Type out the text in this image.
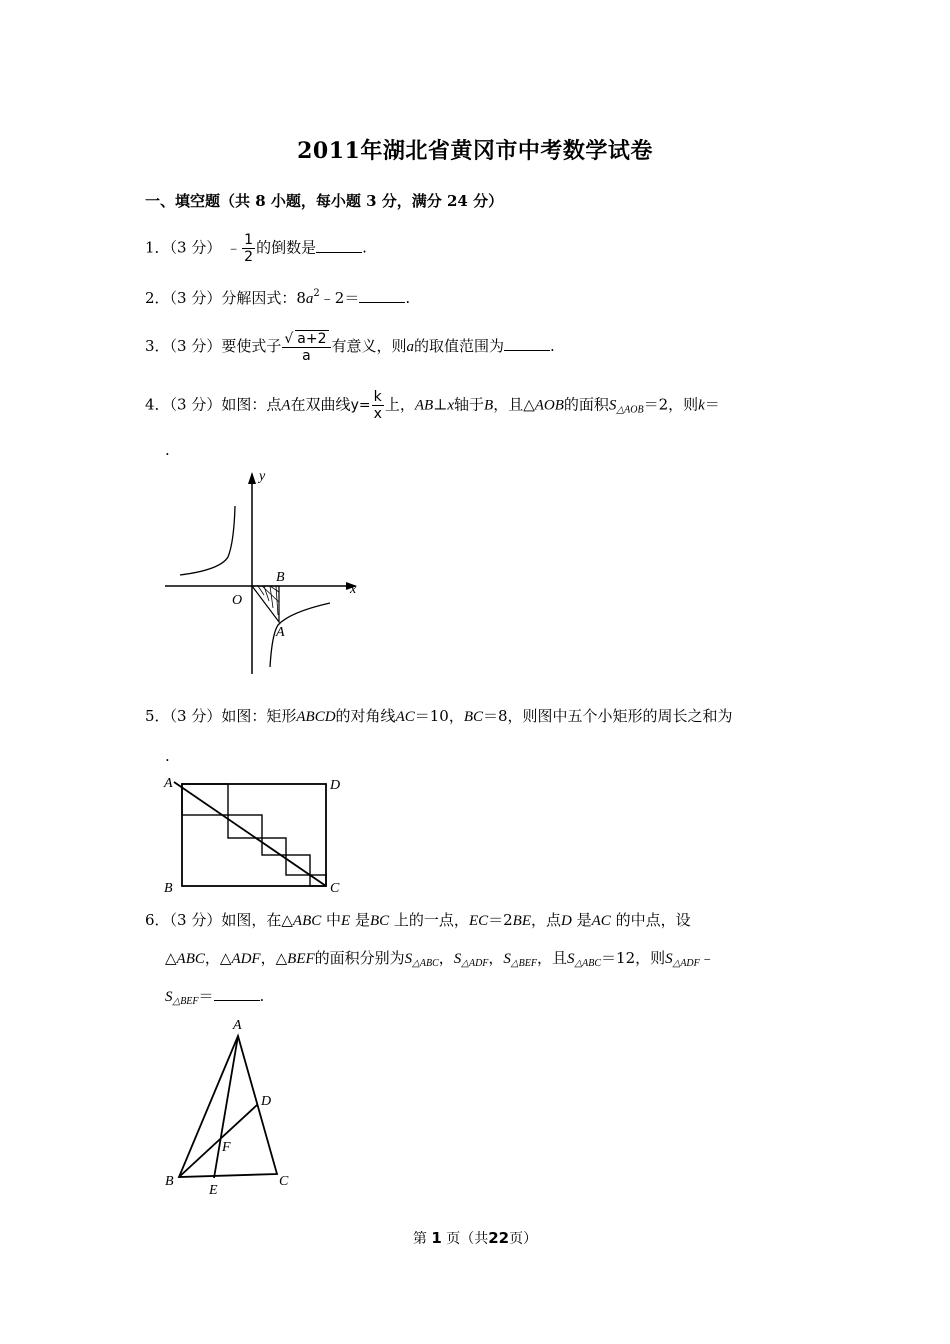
2011年湖北省黄冈市中考数学试卷
一、填空题（共 8 小题，每小题 3 分，满分 24 分）
1．（3 分） ﹣ $\frac{1}{2}$ 的倒数是	.
2．（3 分）分解因式：$8a^2﹣2=$	.
3．（3 分）要使式子 $\frac{√ a+2}{a}$ 有意义，则a的取值范围为	.
4．（3 分）如图：点A在双曲线$y= \frac{k}{x}$ 上，AB⊥x轴于B，且△AOB的面积$S_{\triangle AOB}=2$，则k＝
.
y
x
O
B
A
5．（3 分）如图：矩形ABCD的对角线AC＝10，BC＝8，则图中五个小矩形的周长之和为
.
A
B	C
D
6．（3 分）如图，在△ABC 中E 是BC 上的一点，EC＝2BE，点D 是AC 的中点，设
△ABC，△ADF，△BEF的面积分别为$S_{\triangle ABC}$，$S_{\triangle ADF}$，$S_{\triangle BEF}$，且$S_{\triangle ABC}=12$，则$S_{\triangle ADF}﹣$
$S_{\triangle BEF}=$	.
A
B	C
D
E
F
第 1 页（共22页）
